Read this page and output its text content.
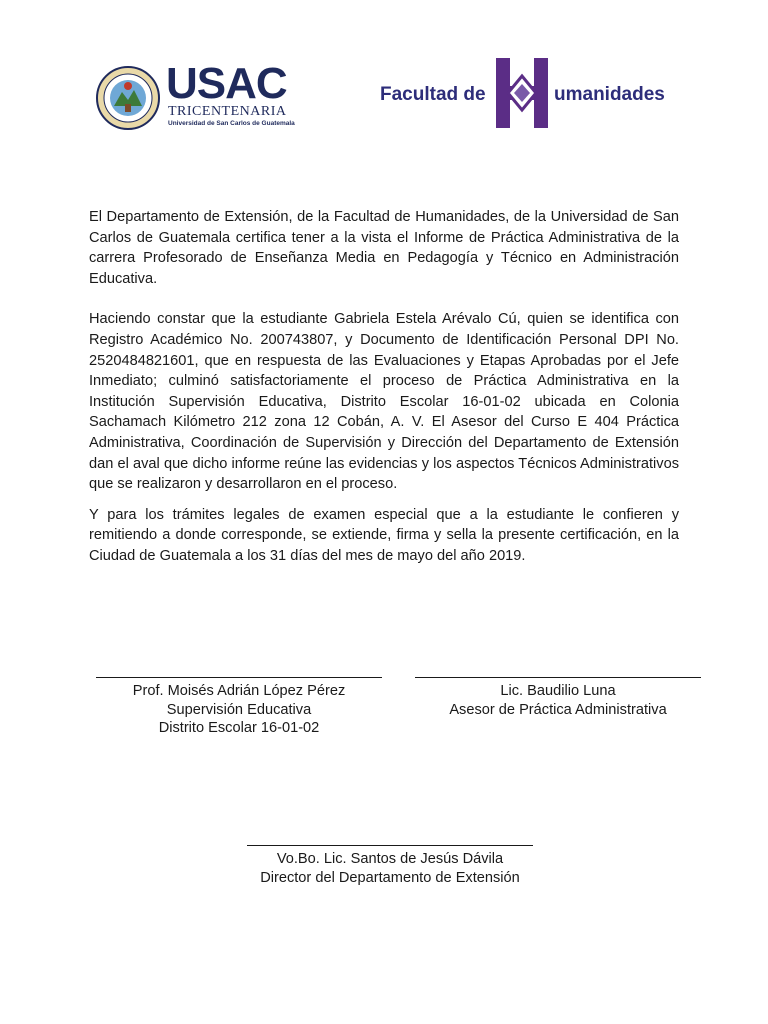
USAC
TRICENTENARIA
Universidad de San Carlos de Guatemala
Facultad de	umanidades

El Departamento de Extensión, de la Facultad de Humanidades, de la Universidad de San Carlos de Guatemala certifica tener a la vista el Informe de Práctica Administrativa de la carrera Profesorado de Enseñanza Media en Pedagogía y Técnico en Administración Educativa.

Haciendo constar que la estudiante Gabriela Estela Arévalo Cú, quien se identifica con Registro Académico No. 200743807, y Documento de Identificación Personal DPI No. 2520484821601, que en respuesta de las Evaluaciones y Etapas Aprobadas por el Jefe Inmediato; culminó satisfactoriamente el proceso de Práctica Administrativa en la Institución Supervisión Educativa, Distrito Escolar 16-01-02 ubicada en Colonia Sachamach Kilómetro 212 zona 12 Cobán, A. V. El Asesor del Curso E 404 Práctica Administrativa, Coordinación de Supervisión y Dirección del Departamento de Extensión dan el aval que dicho informe reúne las evidencias y los aspectos Técnicos Administrativos que se realizaron y desarrollaron en el proceso.

Y para los trámites legales de examen especial que a la estudiante le confieren y remitiendo a donde corresponde, se extiende, firma y sella la presente certificación, en la Ciudad de Guatemala a los 31 días del mes de mayo del año 2019.

Prof. Moisés Adrián López Pérez
Supervisión Educativa
Distrito Escolar 16-01-02
Lic. Baudilio Luna
Asesor de Práctica Administrativa
Vo.Bo. Lic. Santos de Jesús Dávila
Director del Departamento de Extensión
